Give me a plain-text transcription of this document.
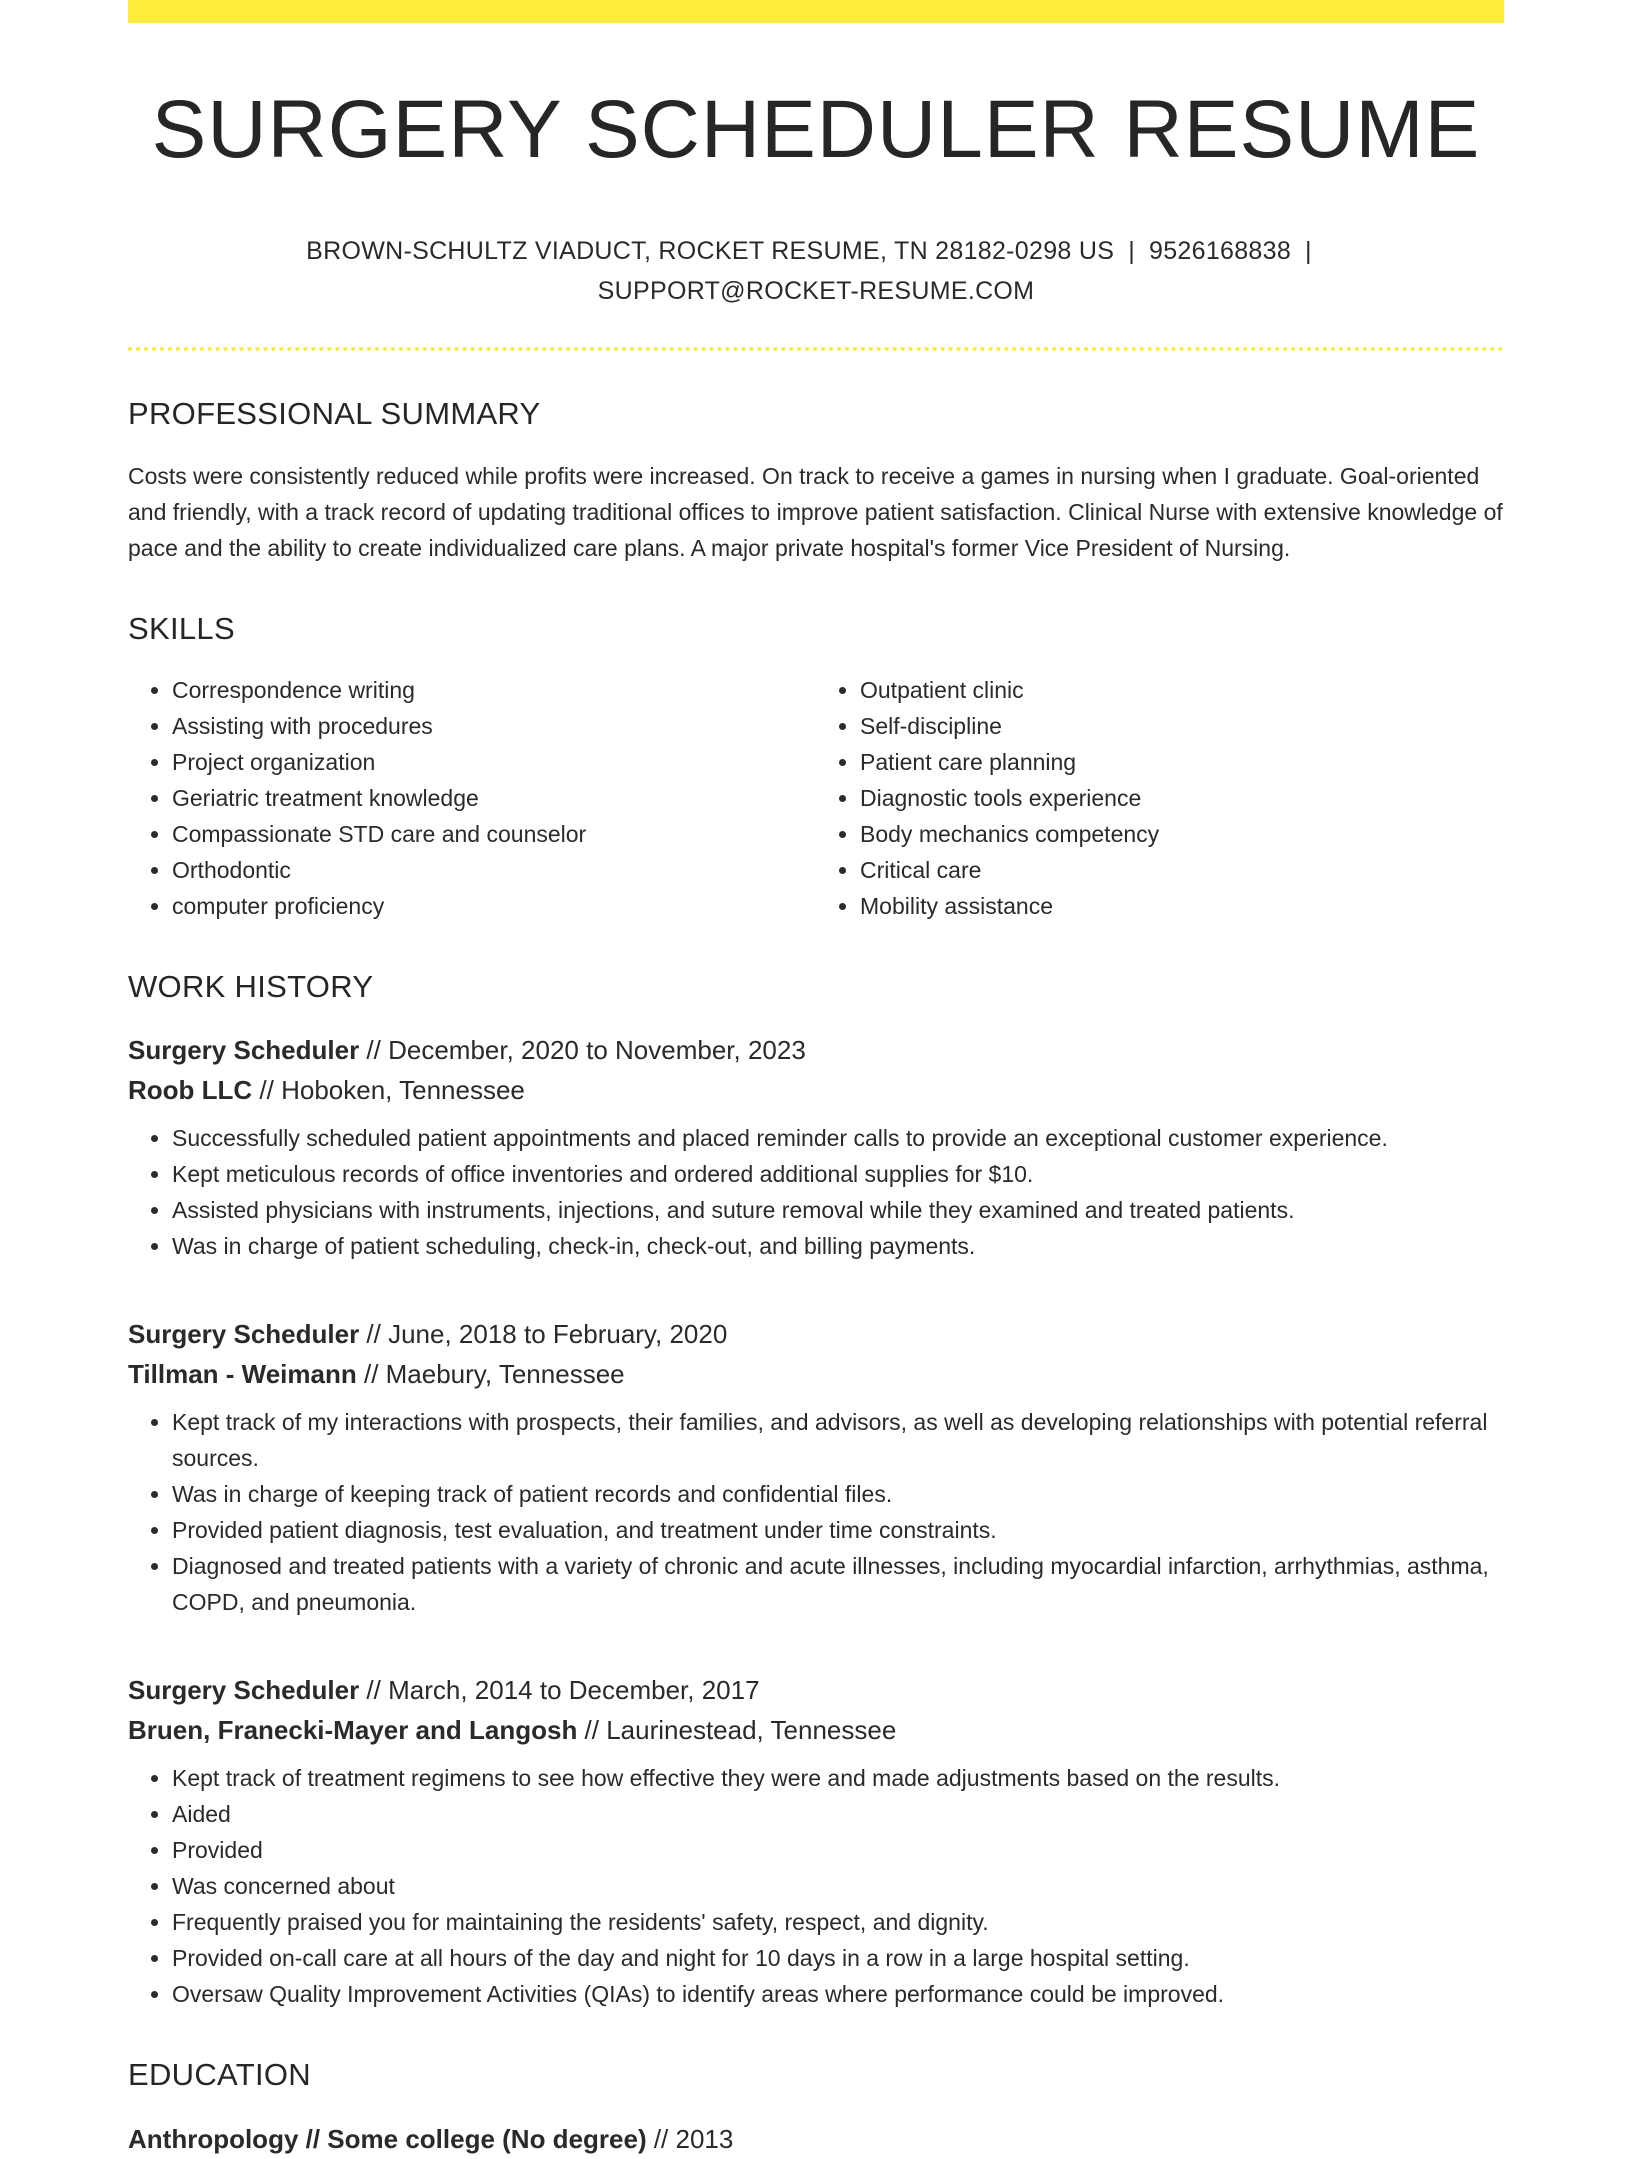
SURGERY SCHEDULER RESUME
BROWN-SCHULTZ VIADUCT, ROCKET RESUME, TN 28182-0298 US | 9526168838 |
SUPPORT@ROCKET-RESUME.COM
PROFESSIONAL SUMMARY

Costs were consistently reduced while profits were increased. On track to receive a games in nursing when I graduate. Goal-oriented and friendly, with a track record of updating traditional offices to improve patient satisfaction. Clinical Nurse with extensive knowledge of pace and the ability to create individualized care plans. A major private hospital's former Vice President of Nursing.

SKILLS
• Correspondence writing
• Assisting with procedures
• Project organization
• Geriatric treatment knowledge
• Compassionate STD care and counselor
• Orthodontic
• computer proficiency
• Outpatient clinic
• Self-discipline
• Patient care planning
• Diagnostic tools experience
• Body mechanics competency
• Critical care
• Mobility assistance
WORK HISTORY
Surgery Scheduler // December, 2020 to November, 2023
Roob LLC // Hoboken, Tennessee
• Successfully scheduled patient appointments and placed reminder calls to provide an exceptional customer experience.
• Kept meticulous records of office inventories and ordered additional supplies for $10.
• Assisted physicians with instruments, injections, and suture removal while they examined and treated patients.
• Was in charge of patient scheduling, check-in, check-out, and billing payments.
Surgery Scheduler // June, 2018 to February, 2020
Tillman - Weimann // Maebury, Tennessee
• Kept track of my interactions with prospects, their families, and advisors, as well as developing relationships with potential referral sources.
• Was in charge of keeping track of patient records and confidential files.
• Provided patient diagnosis, test evaluation, and treatment under time constraints.
• Diagnosed and treated patients with a variety of chronic and acute illnesses, including myocardial infarction, arrhythmias, asthma, COPD, and pneumonia.
Surgery Scheduler // March, 2014 to December, 2017
Bruen, Franecki-Mayer and Langosh // Laurinestead, Tennessee
• Kept track of treatment regimens to see how effective they were and made adjustments based on the results.
• Aided
• Provided
• Was concerned about
• Frequently praised you for maintaining the residents' safety, respect, and dignity.
• Provided on-call care at all hours of the day and night for 10 days in a row in a large hospital setting.
• Oversaw Quality Improvement Activities (QIAs) to identify areas where performance could be improved.
EDUCATION
Anthropology // Some college (No degree) // 2013
